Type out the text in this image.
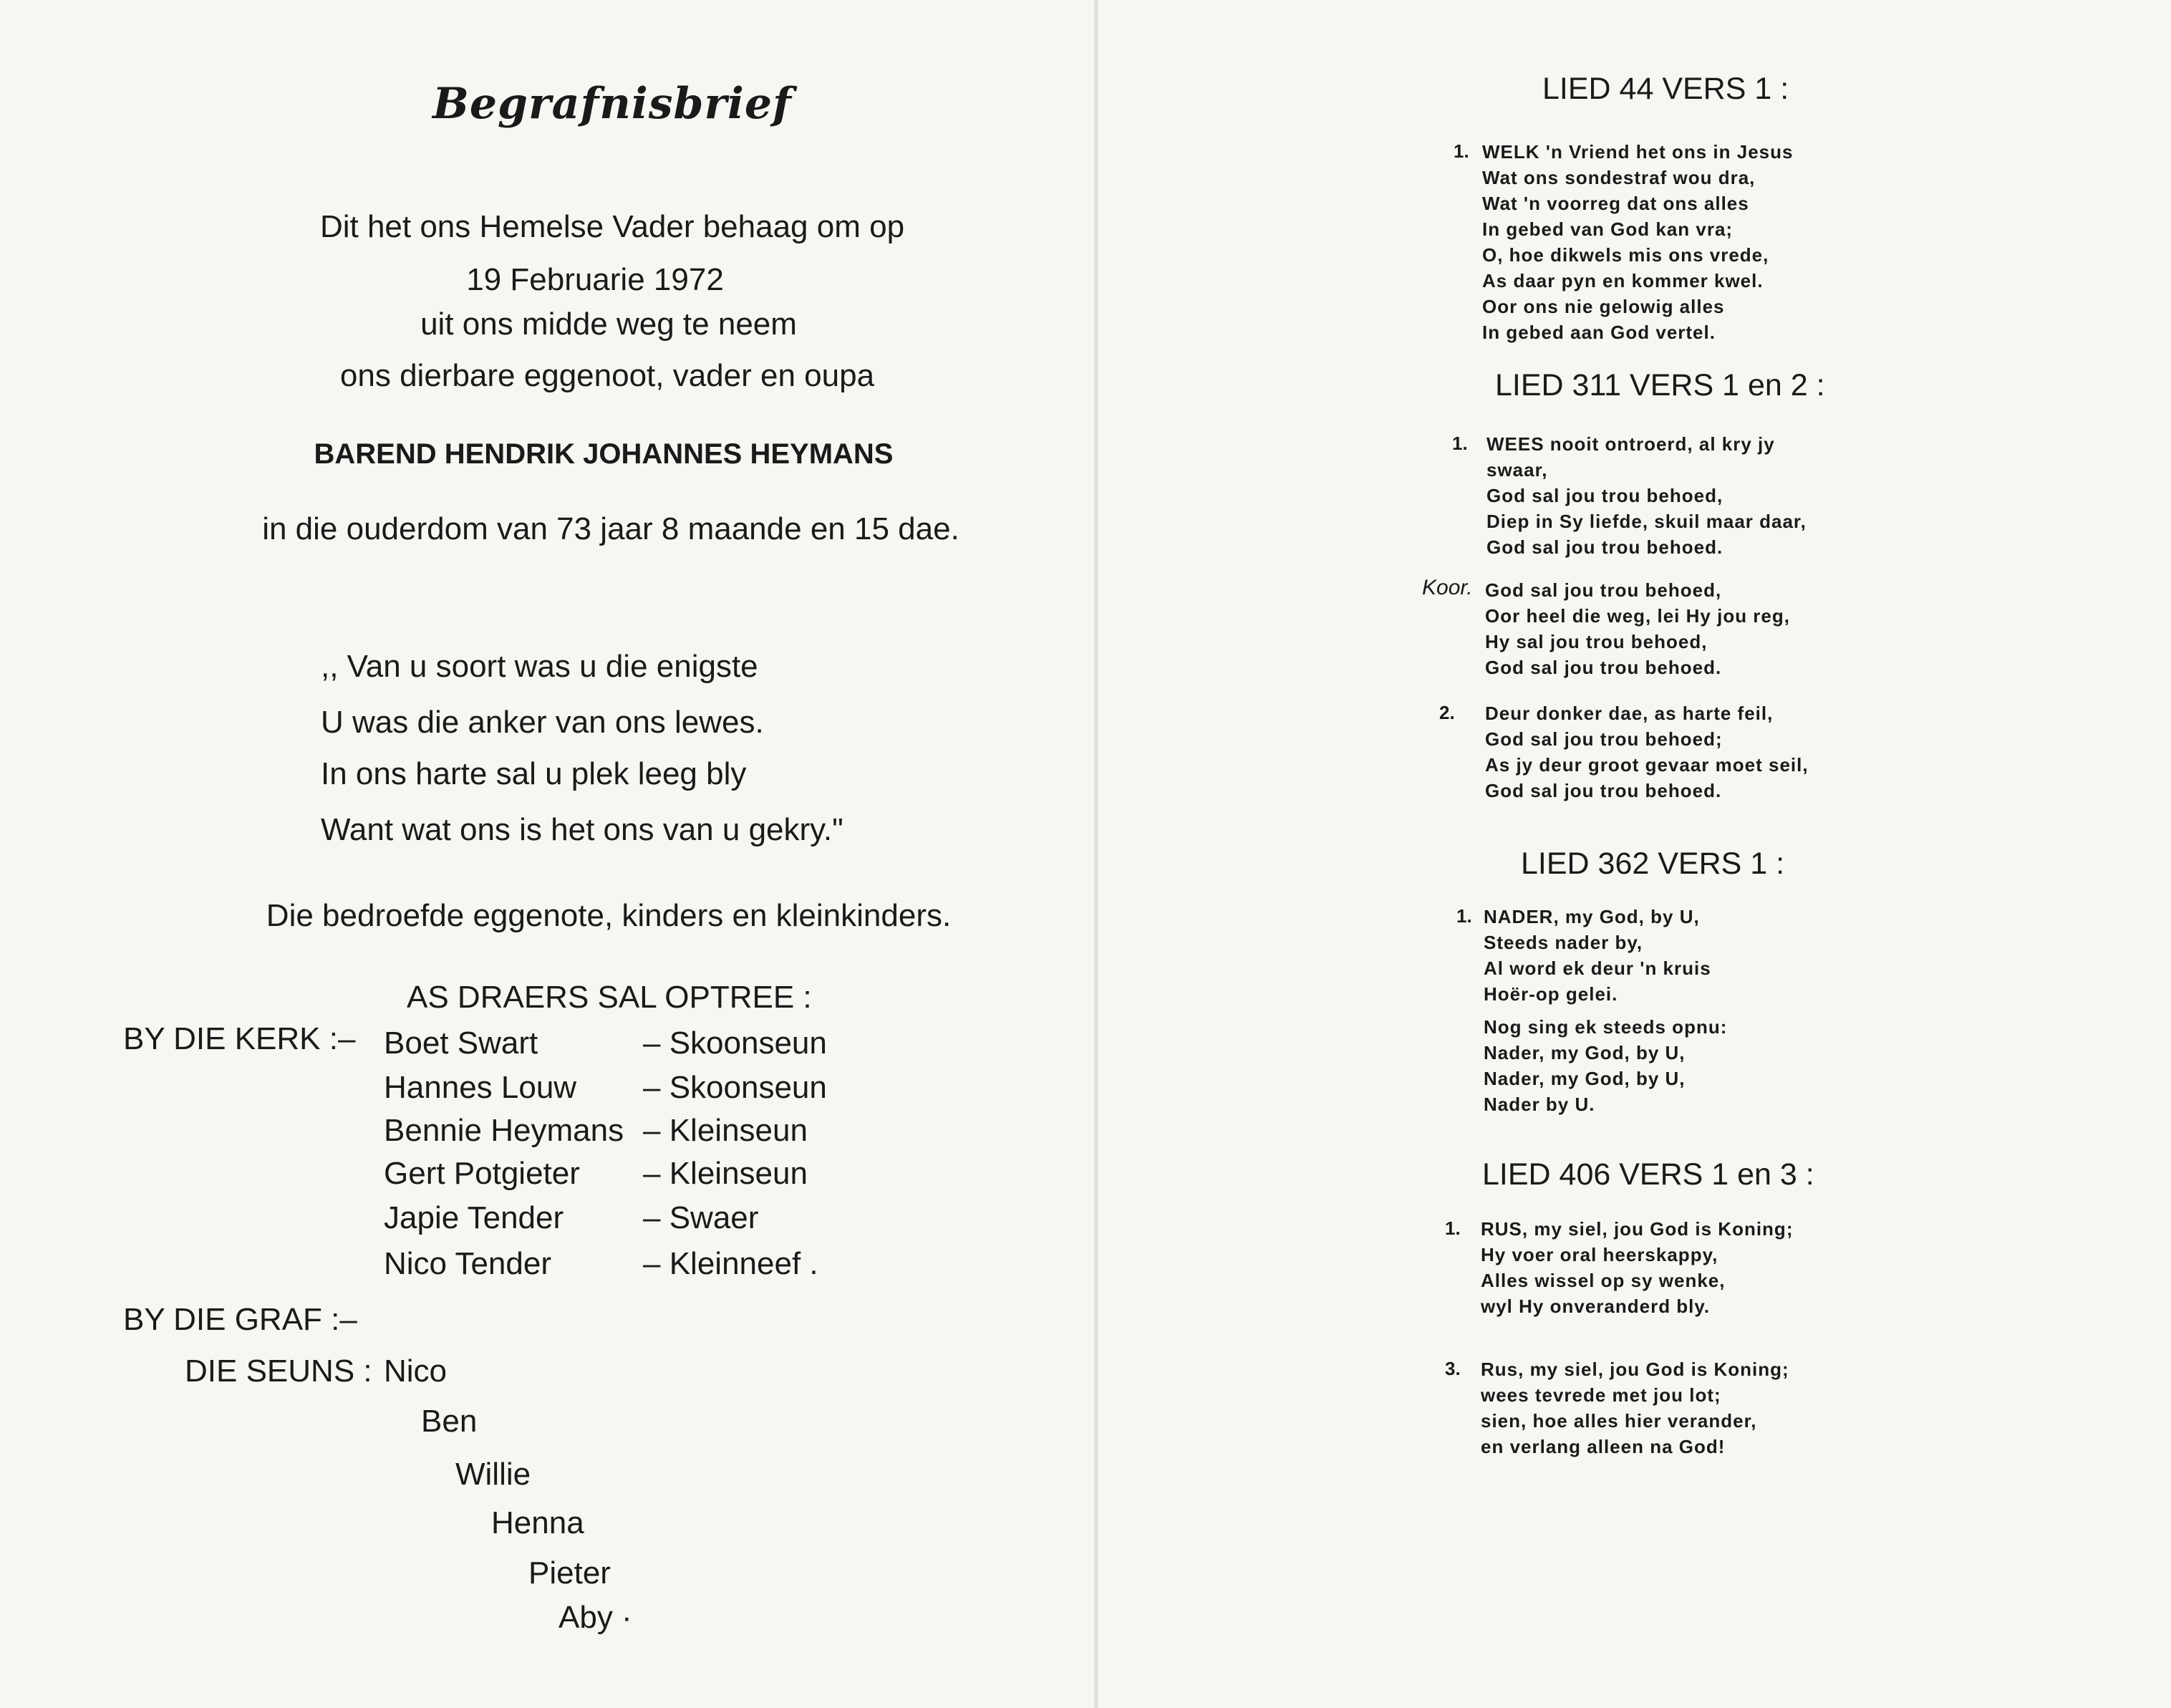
Begrafnisbrief
Dit het ons Hemelse Vader behaag om op
19 Februarie 1972
uit ons midde weg te neem
ons dierbare eggenoot, vader en oupa
BAREND HENDRIK JOHANNES HEYMANS
in die ouderdom van 73 jaar 8 maande en 15 dae.
,, Van u soort was u die enigste
U was die anker van ons lewes.
In ons harte sal u plek leeg bly
Want wat ons is het ons van u gekry."
Die bedroefde eggenote, kinders en kleinkinders.
AS DRAERS SAL OPTREE :
BY DIE KERK :– Boet Swart	– Skoonseun
Hannes Louw – Skoonseun
Bennie Heymans – Kleinseun
Gert Potgieter – Kleinseun
Japie Tender	– Swaer
Nico Tender	– Kleinneef .
BY DIE GRAF :–
DIE SEUNS : Nico
Ben
Willie
Henna
Pieter
Aby ·
LIED 44 VERS 1 :
1. WELK 'n Vriend het ons in Jesus
Wat ons sondestraf wou dra,
Wat 'n voorreg dat ons alles
In gebed van God kan vra;
O, hoe dikwels mis ons vrede,
As daar pyn en kommer kwel.
Oor ons nie gelowig alles
In gebed aan God vertel.
LIED 311 VERS 1 en 2 :
1. WEES nooit ontroerd, al kry jy
swaar,
God sal jou trou behoed,
Diep in Sy liefde, skuil maar daar,
God sal jou trou behoed.
Koor. God sal jou trou behoed,
Oor heel die weg, lei Hy jou reg,
Hy sal jou trou behoed,
God sal jou trou behoed.
2. Deur donker dae, as harte feil,
God sal jou trou behoed;
As jy deur groot gevaar moet seil,
God sal jou trou behoed.
LIED 362 VERS 1 :
1. NADER, my God, by U,
Steeds nader by,
Al word ek deur 'n kruis
Hoër-op gelei.
Nog sing ek steeds opnu:
Nader, my God, by U,
Nader, my God, by U,
Nader by U.
LIED 406 VERS 1 en 3 :
1. RUS, my siel, jou God is Koning;
Hy voer oral heerskappy,
Alles wissel op sy wenke,
wyl Hy onveranderd bly.
3. Rus, my siel, jou God is Koning;
wees tevrede met jou lot;
sien, hoe alles hier verander,
en verlang alleen na God!
